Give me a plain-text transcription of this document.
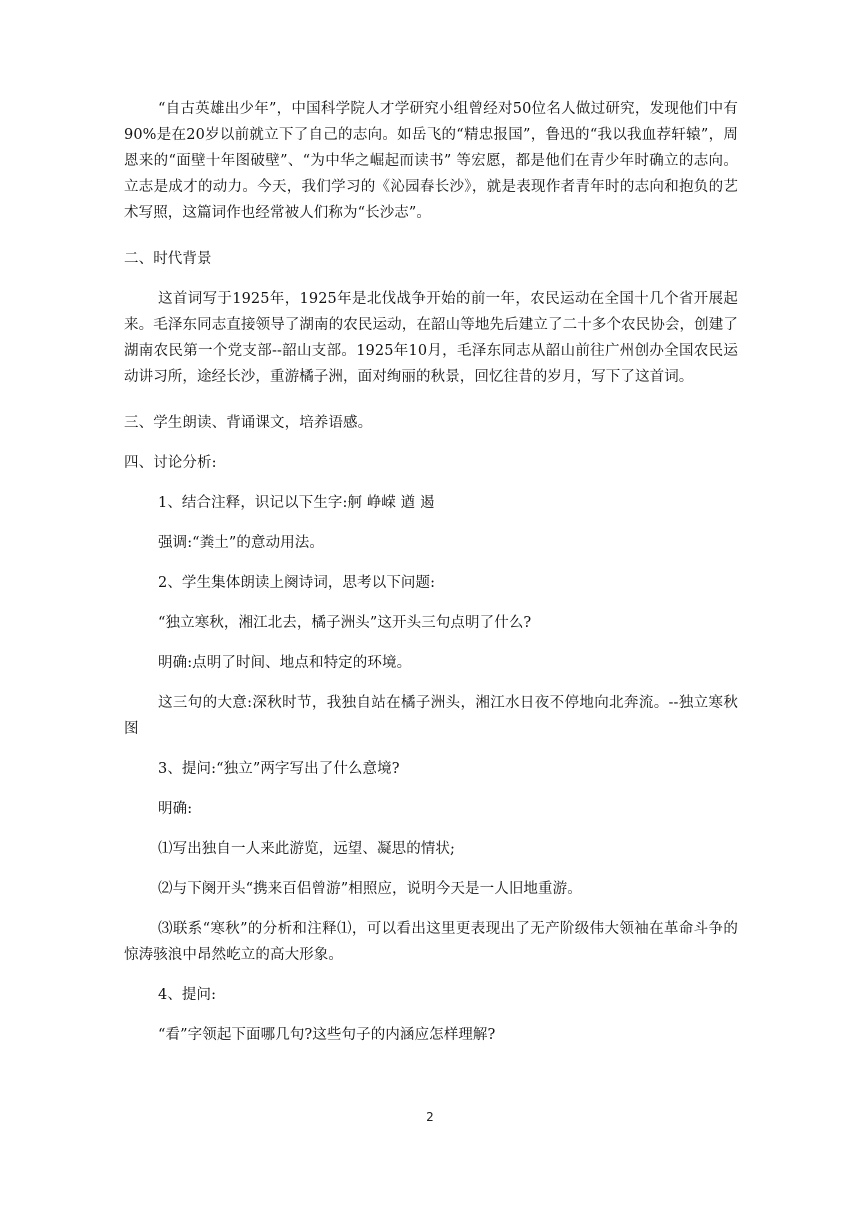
“自古英雄出少年”，中国科学院人才学研究小组曾经对50位名人做过研究，发现他们中有90%是在20岁以前就立下了自己的志向。如岳飞的“精忠报国”，鲁迅的“我以我血荐轩辕”，周恩来的“面壁十年图破壁”、“为中华之崛起而读书” 等宏愿，都是他们在青少年时确立的志向。立志是成才的动力。今天，我们学习的《沁园春长沙》，就是表现作者青年时的志向和抱负的艺术写照，这篇词作也经常被人们称为“长沙志”。

二、时代背景

这首词写于1925年，1925年是北伐战争开始的前一年，农民运动在全国十几个省开展起来。毛泽东同志直接领导了湖南的农民运动，在韶山等地先后建立了二十多个农民协会，创建了湖南农民第一个党支部--韶山支部。1925年10月，毛泽东同志从韶山前往广州创办全国农民运动讲习所，途经长沙，重游橘子洲，面对绚丽的秋景，回忆往昔的岁月，写下了这首词。

三、学生朗读、背诵课文，培养语感。

四、讨论分析:

1、结合注释，识记以下生字:舸 峥嵘 遒 遏

强调:“粪土”的意动用法。

2、学生集体朗读上阕诗词，思考以下问题:

“独立寒秋，湘江北去，橘子洲头”这开头三句点明了什么?

明确:点明了时间、地点和特定的环境。

这三句的大意:深秋时节，我独自站在橘子洲头，湘江水日夜不停地向北奔流。--独立寒秋图

3、提问:“独立”两字写出了什么意境?

明确:

⑴写出独自一人来此游览，远望、凝思的情状;

⑵与下阕开头“携来百侣曾游”相照应，说明今天是一人旧地重游。

⑶联系“寒秋”的分析和注释⑴，可以看出这里更表现出了无产阶级伟大领袖在革命斗争的惊涛骇浪中昂然屹立的高大形象。

4、提问:

“看”字领起下面哪几句?这些句子的内涵应怎样理解?

2
